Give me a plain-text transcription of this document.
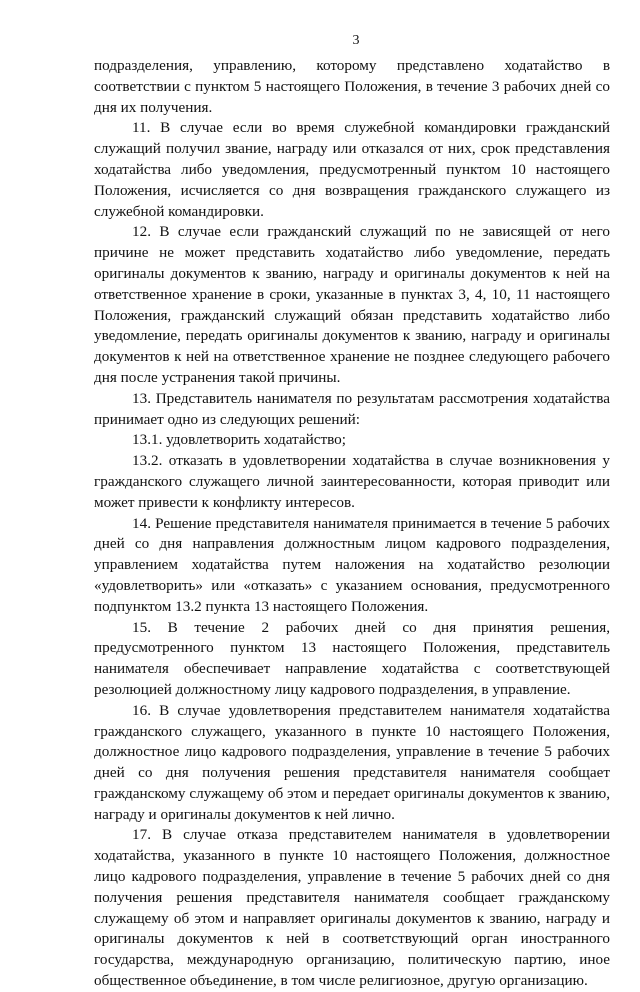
3

подразделения, управлению, которому представлено ходатайство в соответствии с пунктом 5 настоящего Положения, в течение 3 рабочих дней со дня их получения.

11. В случае если во время служебной командировки гражданский служащий получил звание, награду или отказался от них, срок представления ходатайства либо уведомления, предусмотренный пунктом 10 настоящего Положения, исчисляется со дня возвращения гражданского служащего из служебной командировки.

12. В случае если гражданский служащий по не зависящей от него причине не может представить ходатайство либо уведомление, передать оригиналы документов к званию, награду и оригиналы документов к ней на ответственное хранение в сроки, указанные в пунктах 3, 4, 10, 11 настоящего Положения, гражданский служащий обязан представить ходатайство либо уведомление, передать оригиналы документов к званию, награду и оригиналы документов к ней на ответственное хранение не позднее следующего рабочего дня после устранения такой причины.

13. Представитель нанимателя по результатам рассмотрения ходатайства принимает одно из следующих решений:

13.1. удовлетворить ходатайство;

13.2. отказать в удовлетворении ходатайства в случае возникновения у гражданского служащего личной заинтересованности, которая приводит или может привести к конфликту интересов.

14. Решение представителя нанимателя принимается в течение 5 рабочих дней со дня направления должностным лицом кадрового подразделения, управлением ходатайства путем наложения на ходатайство резолюции «удовлетворить» или «отказать» с указанием основания, предусмотренного подпунктом 13.2 пункта 13 настоящего Положения.

15. В течение 2 рабочих дней со дня принятия решения, предусмотренного пунктом 13 настоящего Положения, представитель нанимателя обеспечивает направление ходатайства с соответствующей резолюцией должностному лицу кадрового подразделения, в управление.

16. В случае удовлетворения представителем нанимателя ходатайства гражданского служащего, указанного в пункте 10 настоящего Положения, должностное лицо кадрового подразделения, управление в течение 5 рабочих дней со дня получения решения представителя нанимателя сообщает гражданскому служащему об этом и передает оригиналы документов к званию, награду и оригиналы документов к ней лично.

17. В случае отказа представителем нанимателя в удовлетворении ходатайства, указанного в пункте 10 настоящего Положения, должностное лицо кадрового подразделения, управление в течение 5 рабочих дней со дня получения решения представителя нанимателя сообщает гражданскому служащему об этом и направляет оригиналы документов к званию, награду и оригиналы документов к ней в соответствующий орган иностранного государства, международную организацию, политическую партию, иное общественное объединение, в том числе религиозное, другую организацию.
